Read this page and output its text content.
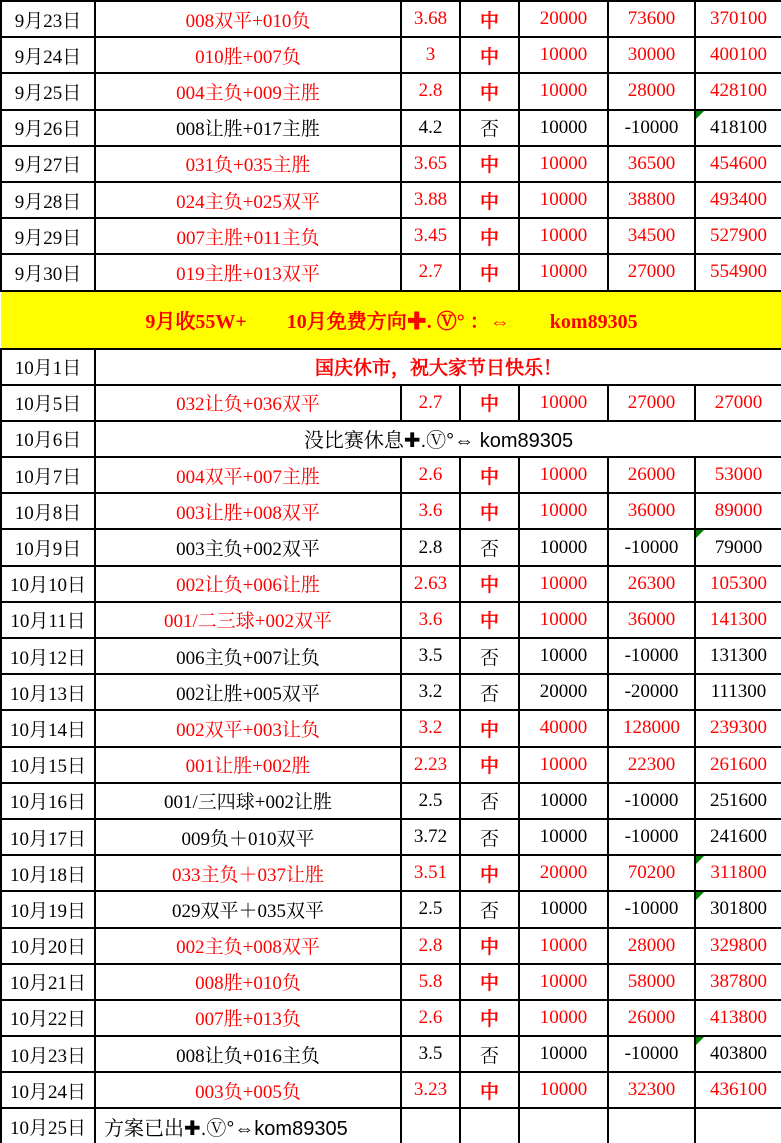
9月23日	008双平+010负	3.68	中	20000	73600	370100
9月24日	010胜+007负	3	中	10000	30000	400100
9月25日	004主负+009主胜	2.8	中	10000	28000	428100
9月26日	008让胜+017主胜	4.2	否	10000	-10000	418100

9月27日	031负+035主胜	3.65	中	10000	36500	454600
9月28日	024主负+025双平	3.88	中	10000	38800	493400
9月29日	007主胜+011主负	3.45	中	10000	34500	527900
9月30日	019主胜+013双平	2.7	中	10000	27000	554900
9月收55W+　　10月免费方向✚. Ⓥ° ：⇔　　kom89305						
10月1日	国庆休市，祝大家节日快乐！					
10月5日	032让负+036双平	2.7	中	10000	27000	27000
10月6日	没比赛休息✚.Ⓥ°⇔ kom89305					
10月7日	004双平+007主胜	2.6	中	10000	26000	53000
10月8日	003让胜+008双平	3.6	中	10000	36000	89000
10月9日	003主负+002双平	2.8	否	10000	-10000	79000

10月10日	002让负+006让胜	2.63	中	10000	26300	105300
10月11日	001/二三球+002双平	3.6	中	10000	36000	141300
10月12日	006主负+007让负	3.5	否	10000	-10000	131300
10月13日	002让胜+005双平	3.2	否	20000	-20000	111300
10月14日	002双平+003让负	3.2	中	40000	128000	239300
10月15日	001让胜+002胜	2.23	中	10000	22300	261600
10月16日	001/三四球+002让胜	2.5	否	10000	-10000	251600
10月17日	009负＋010双平	3.72	否	10000	-10000	241600
10月18日	033主负＋037让胜	3.51	中	20000	70200	311800

10月19日	029双平＋035双平	2.5	否	10000	-10000	301800

10月20日	002主负+008双平	2.8	中	10000	28000	329800
10月21日	008胜+010负	5.8	中	10000	58000	387800
10月22日	007胜+013负	2.6	中	10000	26000	413800
10月23日	008让负+016主负	3.5	否	10000	-10000	403800

10月24日	003负+005负	3.23	中	10000	32300	436100
10月25日	方案已出✚.Ⓥ°⇔kom89305					
